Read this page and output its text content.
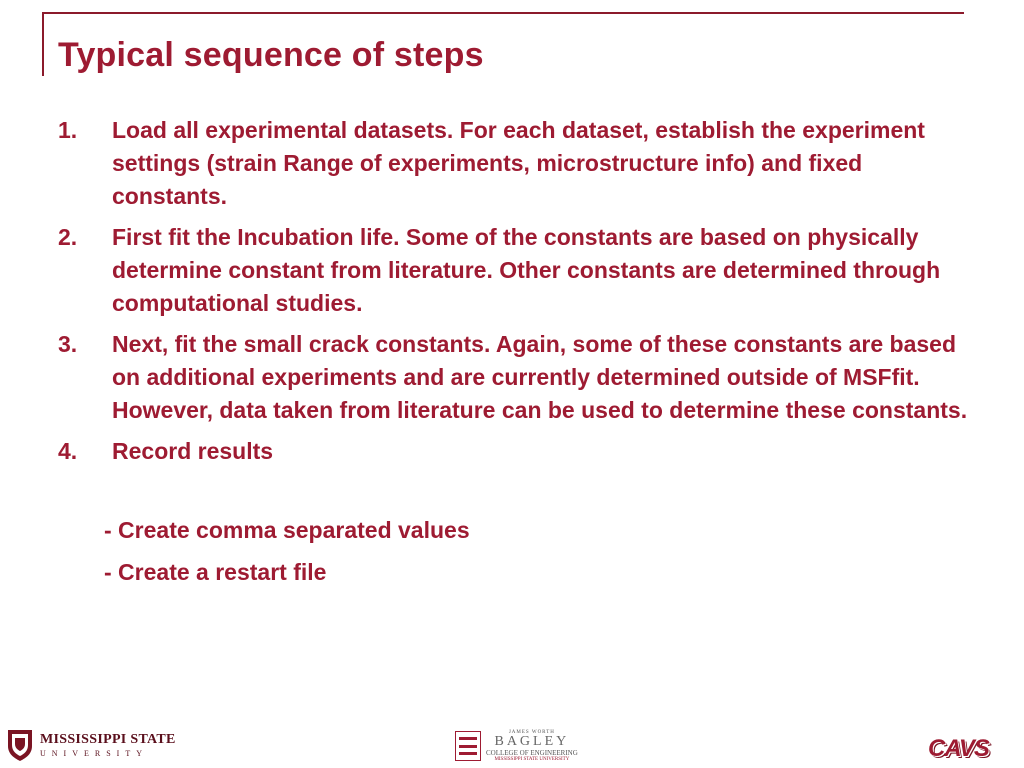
Typical sequence of steps
1.	Load all experimental datasets. For each dataset, establish the experiment settings (strain Range of experiments, microstructure info) and fixed constants.
2.	First fit the Incubation life. Some of the constants are based on physically determine constant from literature. Other constants are determined through computational studies.
3.	Next, fit the small crack constants. Again, some of these constants are based on additional experiments and are currently determined outside of MSFfit. However, data taken from literature can be used to determine these constants.
4.	Record results
- Create comma separated values
- Create a restart file
MISSISSIPPI STATE
UNIVERSITY
JAMES WORTH
BAGLEY
COLLEGE OF ENGINEERING
MISSISSIPPI STATE UNIVERSITY	CAVS
